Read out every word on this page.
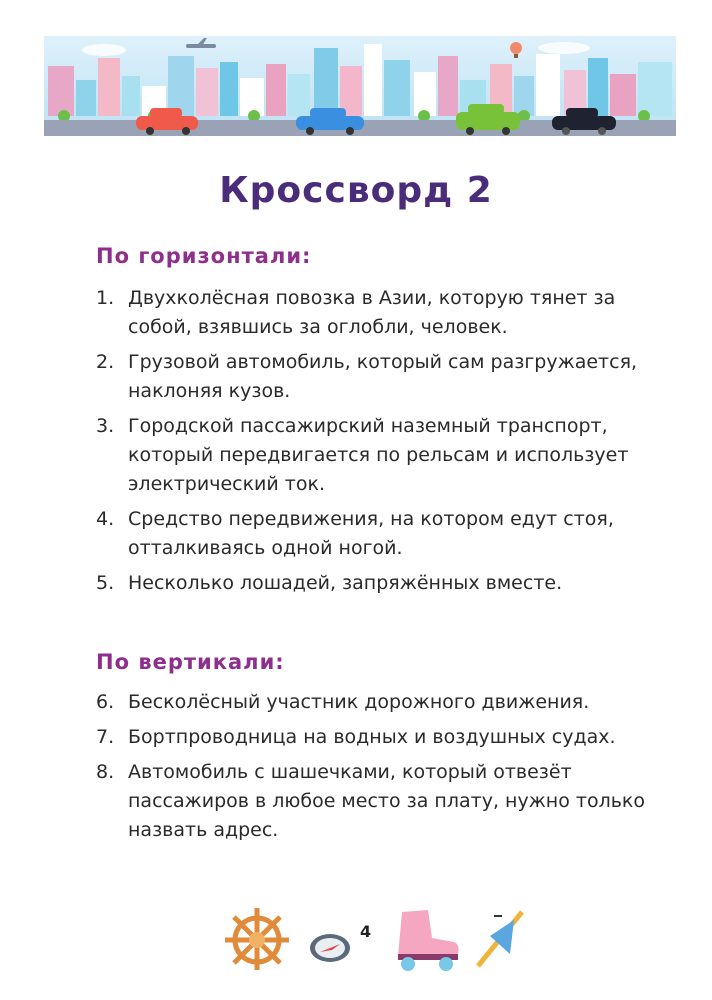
Кроссворд 2
По горизонтали:
1. Двухколёсная повозка в Азии, которую тянет за собой, взявшись за оглобли, человек.
2. Грузовой автомобиль, который сам разгружается, наклоняя кузов.
3. Городской пассажирский наземный транспорт, который передвигается по рельсам и использует электрический ток.
4. Средство передвижения, на котором едут стоя, отталкиваясь одной ногой.
5. Несколько лошадей, запряжённых вместе.
По вертикали:
6. Бесколёсный участник дорожного движения.
7. Бортпроводница на водных и воздушных судах.
8. Автомобиль с шашечками, который отвезёт пассажиров в любое место за плату, нужно только назвать адрес.
4
